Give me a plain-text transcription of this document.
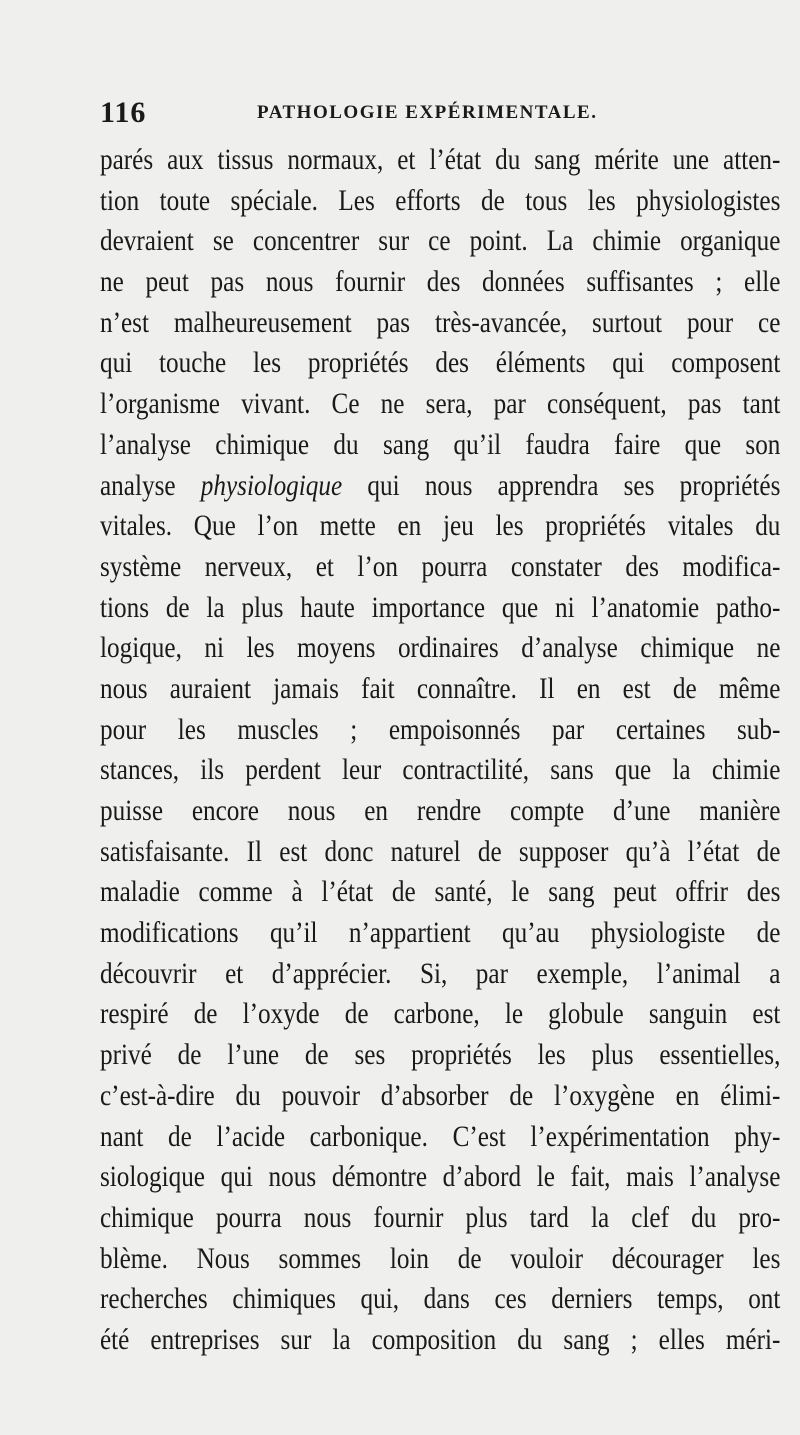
116	PATHOLOGIE EXPÉRIMENTALE.
parés aux tissus normaux, et l’état du sang mérite une atten-
tion toute spéciale. Les efforts de tous les physiologistes
devraient se concentrer sur ce point. La chimie organique
ne peut pas nous fournir des données suffisantes ; elle
n’est malheureusement pas très-avancée, surtout pour ce
qui touche les propriétés des éléments qui composent
l’organisme vivant. Ce ne sera, par conséquent, pas tant
l’analyse chimique du sang qu’il faudra faire que son
analyse physiologique qui nous apprendra ses propriétés
vitales. Que l’on mette en jeu les propriétés vitales du
système nerveux, et l’on pourra constater des modifica-
tions de la plus haute importance que ni l’anatomie patho-
logique, ni les moyens ordinaires d’analyse chimique ne
nous auraient jamais fait connaître. Il en est de même
pour les muscles ; empoisonnés par certaines sub-
stances, ils perdent leur contractilité, sans que la chimie
puisse encore nous en rendre compte d’une manière
satisfaisante. Il est donc naturel de supposer qu’à l’état de
maladie comme à l’état de santé, le sang peut offrir des
modifications qu’il n’appartient qu’au physiologiste de
découvrir et d’apprécier. Si, par exemple, l’animal a
respiré de l’oxyde de carbone, le globule sanguin est
privé de l’une de ses propriétés les plus essentielles,
c’est-à-dire du pouvoir d’absorber de l’oxygène en élimi-
nant de l’acide carbonique. C’est l’expérimentation phy-
siologique qui nous démontre d’abord le fait, mais l’analyse
chimique pourra nous fournir plus tard la clef du pro-
blème. Nous sommes loin de vouloir décourager les
recherches chimiques qui, dans ces derniers temps, ont
été entreprises sur la composition du sang ; elles méri-
